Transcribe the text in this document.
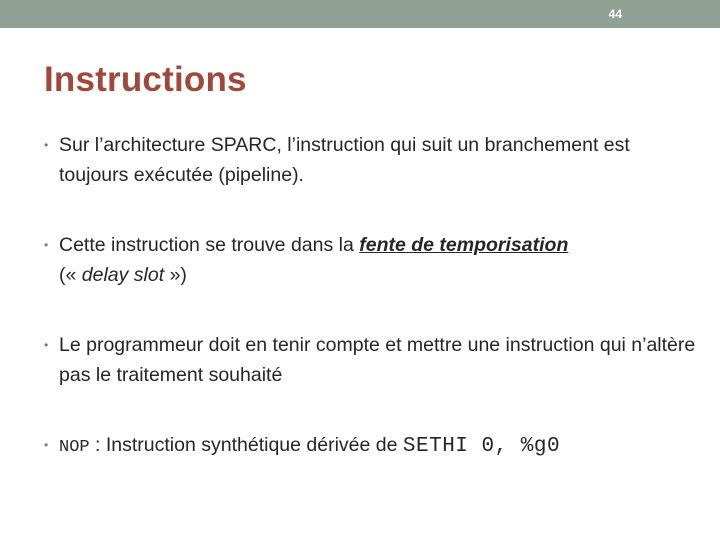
44
Instructions
• Sur l’architecture SPARC, l’instruction qui suit un branchement est toujours exécutée (pipeline).
• Cette instruction se trouve dans la fente de temporisation
(« delay slot »)
• Le programmeur doit en tenir compte et mettre une instruction qui n’altère pas le traitement souhaité
• NOP : Instruction synthétique dérivée de SETHI 0, %g0
